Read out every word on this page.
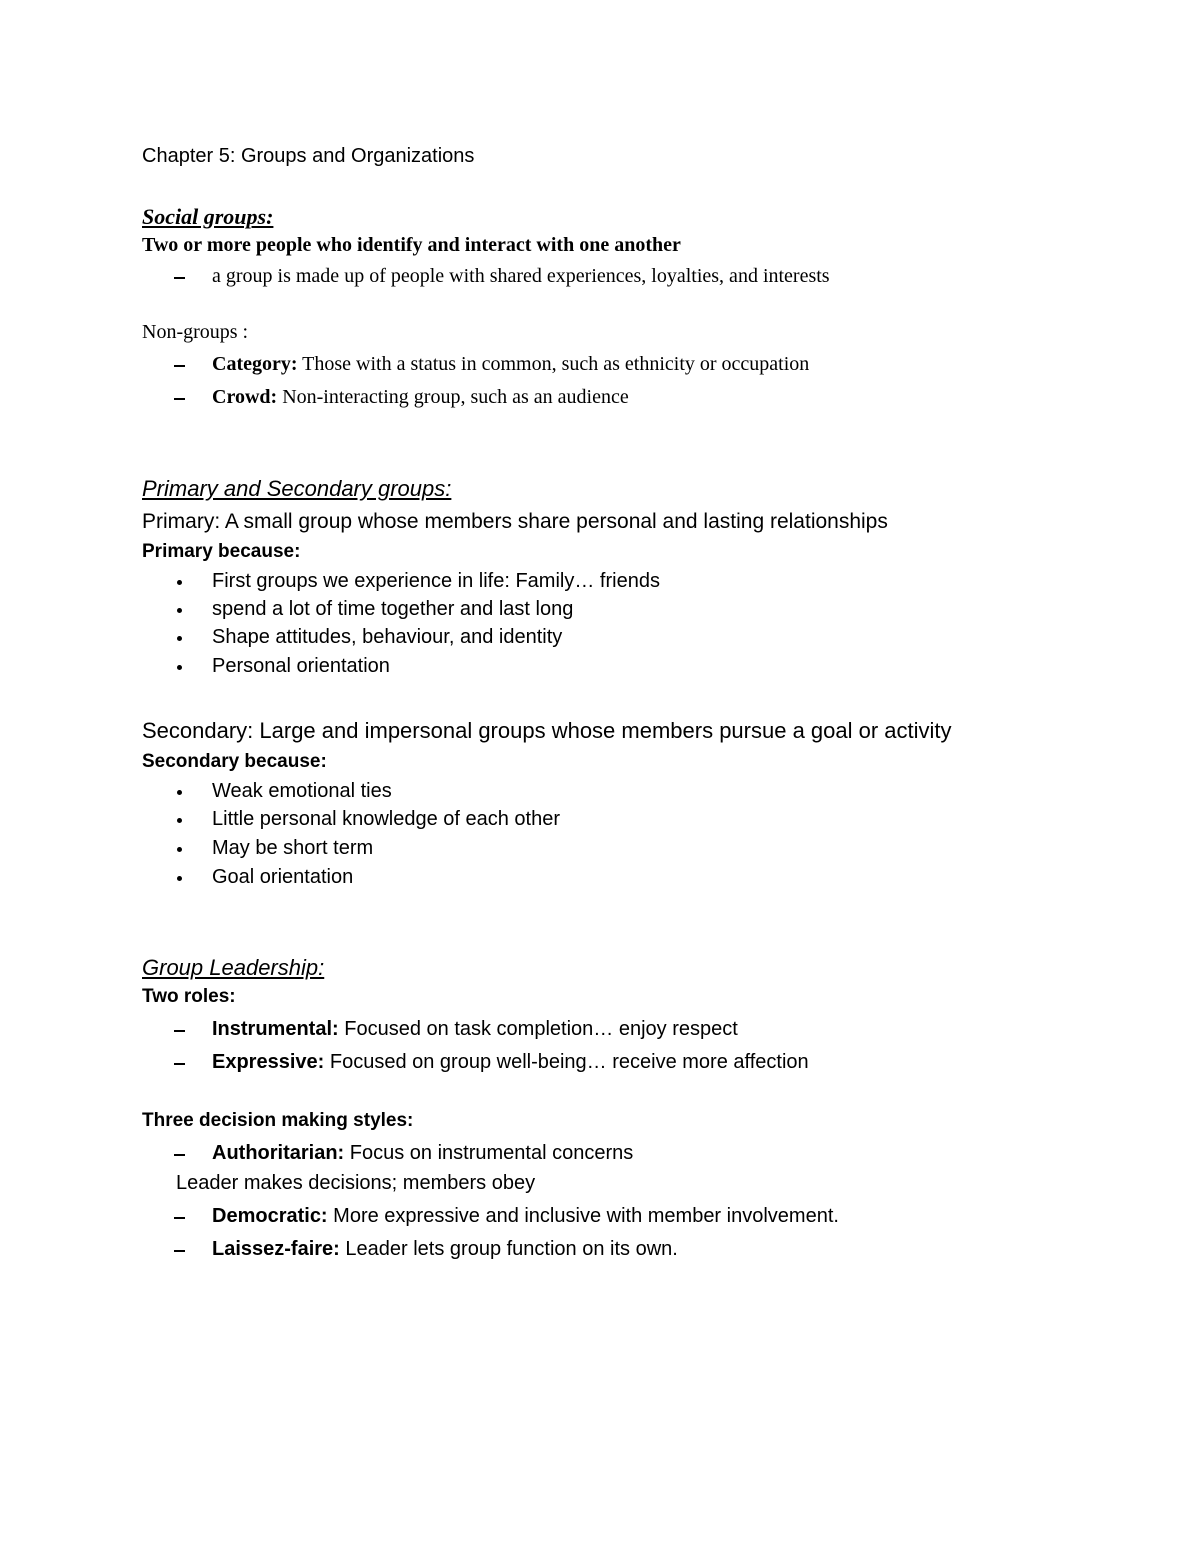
Chapter 5: Groups and Organizations
Social groups:
Two or more people who identify and interact with one another
a group is made up of people with shared experiences, loyalties, and interests
Non-groups :
Category: Those with a status in common, such as ethnicity or occupation
Crowd: Non-interacting group, such as an audience
Primary and Secondary groups:
Primary: A small group whose members share personal and lasting relationships
Primary because:
First groups we experience in life: Family… friends
spend a lot of time together and last long
Shape attitudes, behaviour, and identity
Personal orientation
Secondary: Large and impersonal groups whose members pursue a goal or activity
Secondary because:
Weak emotional ties
Little personal knowledge of each other
May be short term
Goal orientation
Group Leadership:
Two roles:
Instrumental: Focused on task completion… enjoy respect
Expressive: Focused on group well-being… receive more affection
Three decision making styles:
Authoritarian: Focus on instrumental concerns
Leader makes decisions; members obey
Democratic: More expressive and inclusive with member involvement.
Laissez-faire: Leader lets group function on its own.
